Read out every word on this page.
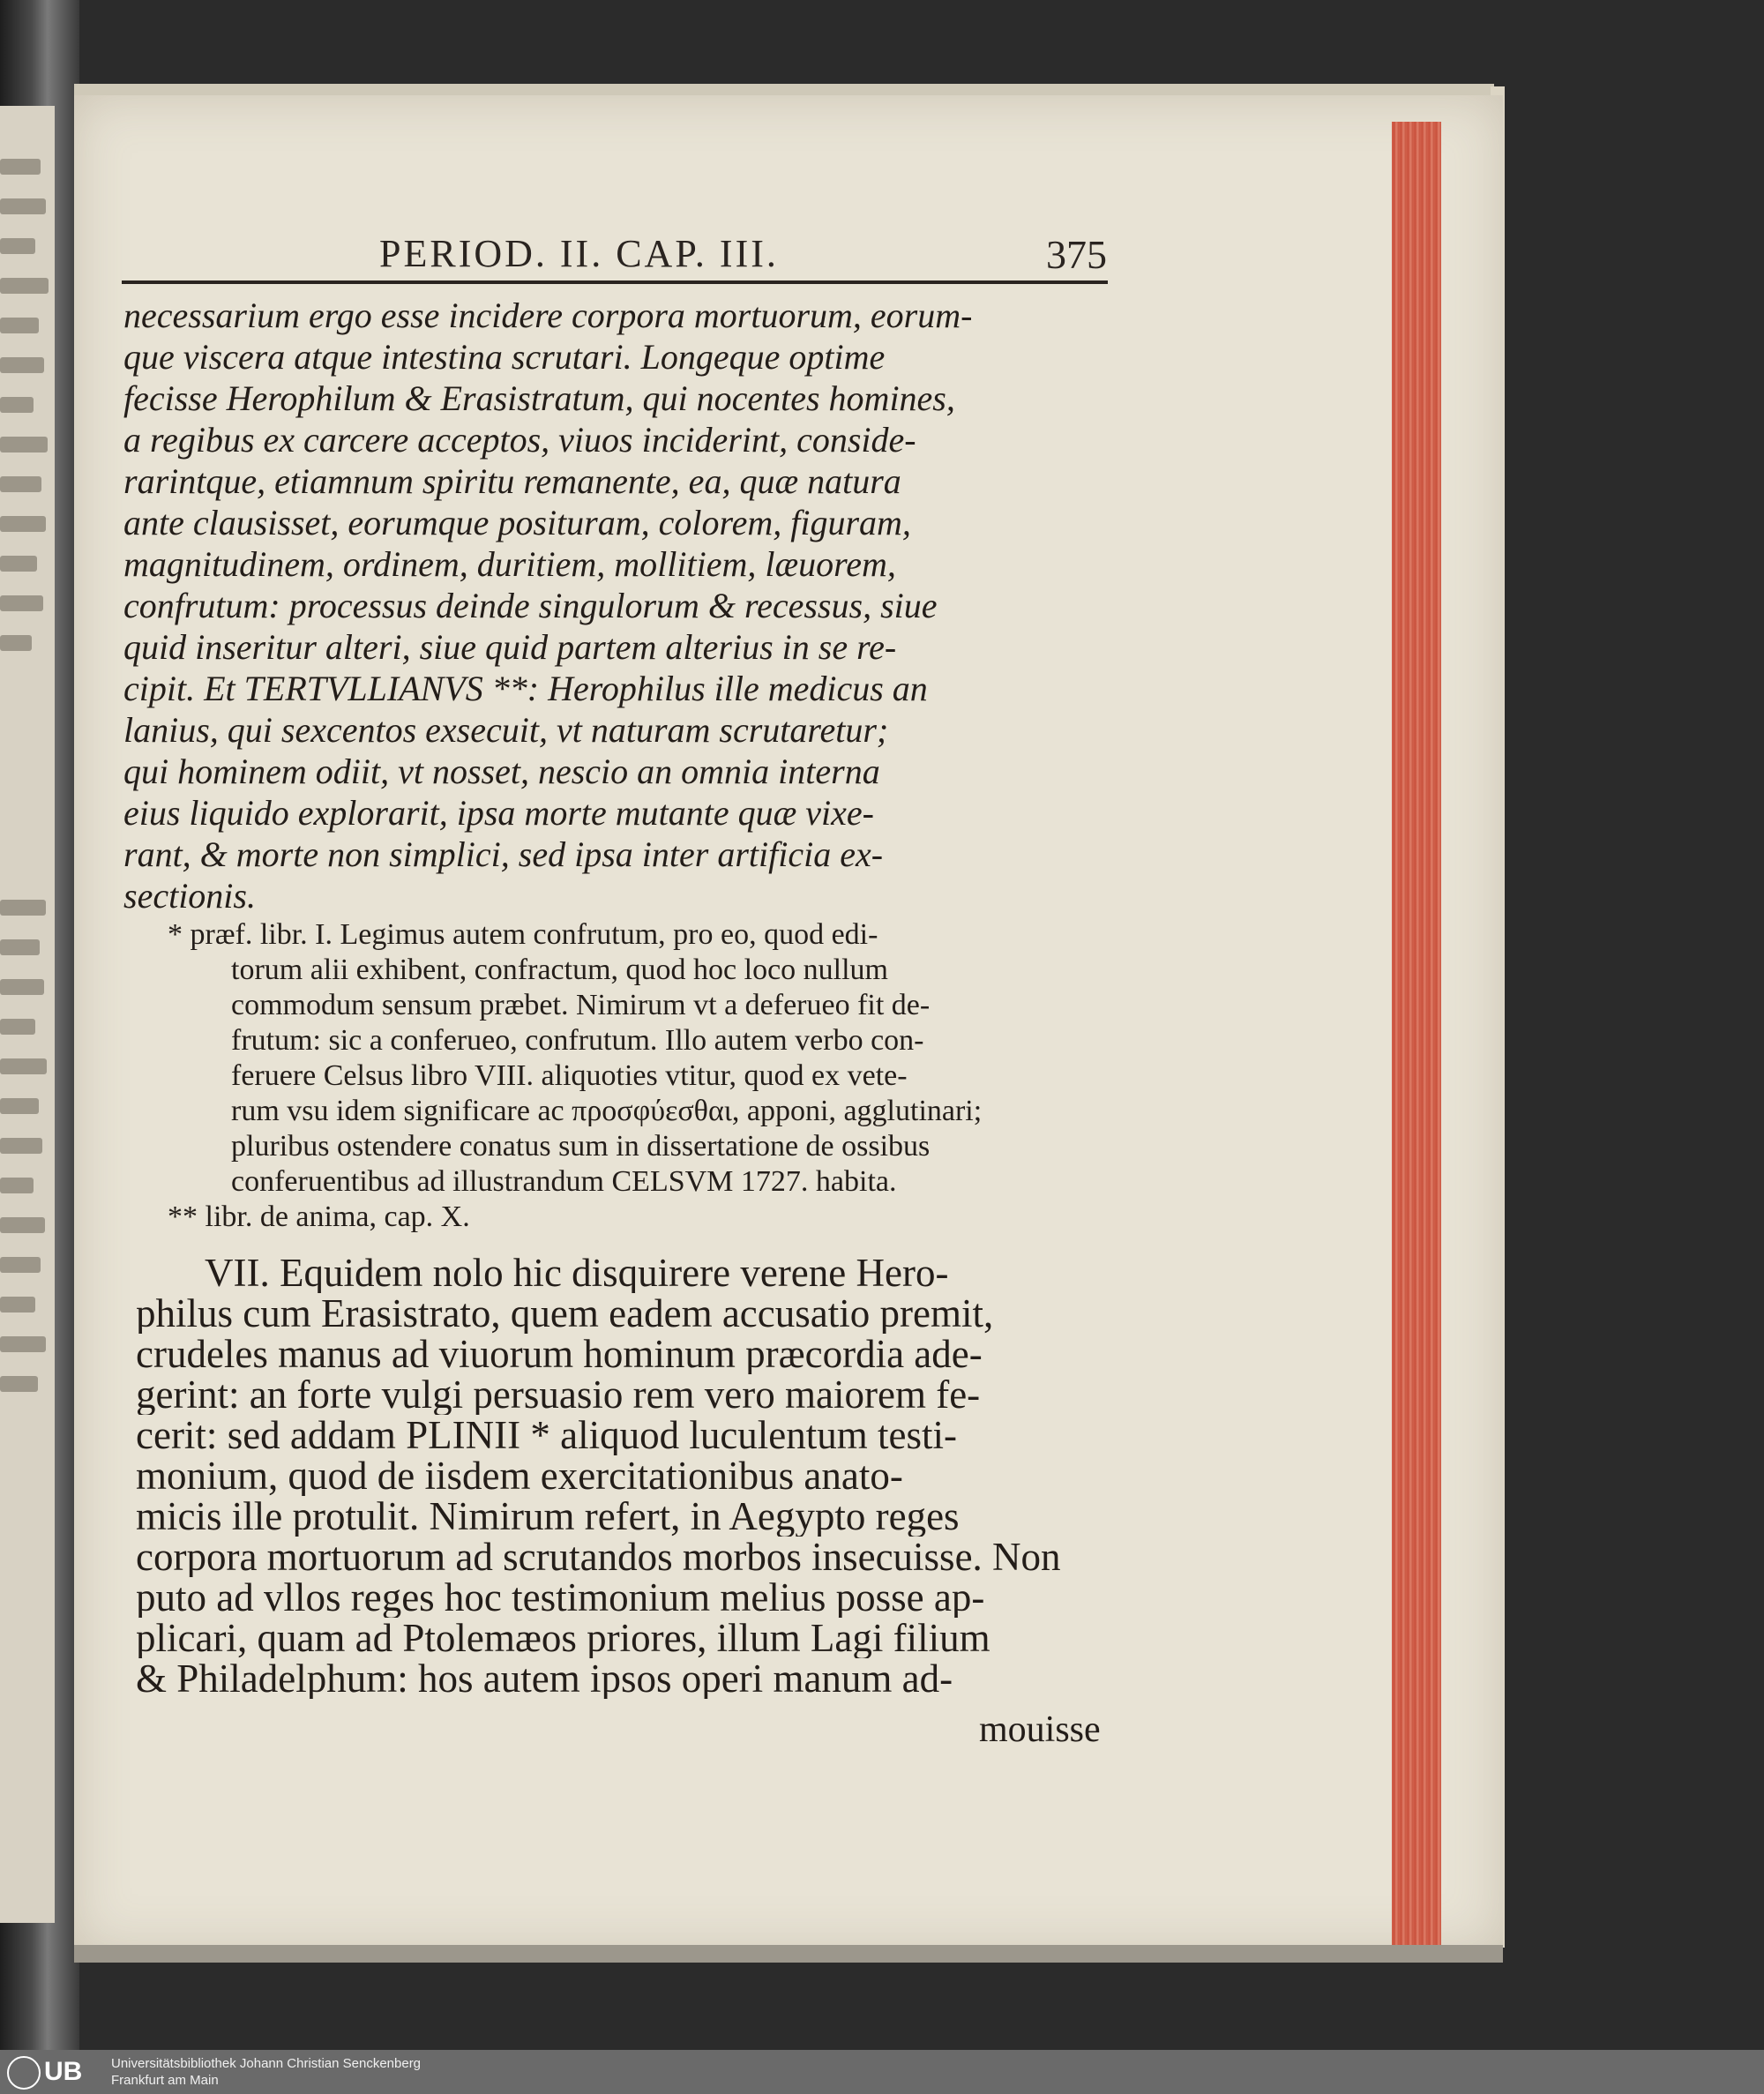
PERIOD. II. CAP. III.	375
necessarium ergo esse incidere corpora mortuorum, eorum-
que viscera atque intestina scrutari. Longeque optime
fecisse Herophilum & Erasistratum, qui nocentes homines,
a regibus ex carcere acceptos, viuos inciderint, conside-
rarintque, etiamnum spiritu remanente, ea, quæ natura
ante clausisset, eorumque posituram, colorem, figuram,
magnitudinem, ordinem, duritiem, mollitiem, læuorem,
confrutum: processus deinde singulorum & recessus, siue
quid inseritur alteri, siue quid partem alterius in se re-
cipit. Et TERTVLLIANVS **: Herophilus ille medicus an
lanius, qui sexcentos exsecuit, vt naturam scrutaretur;
qui hominem odiit, vt nosset, nescio an omnia interna
eius liquido explorarit, ipsa morte mutante quæ vixe-
rant, & morte non simplici, sed ipsa inter artificia ex-
sectionis.
* præf. libr. I. Legimus autem confrutum, pro eo, quod edi-
torum alii exhibent, confractum, quod hoc loco nullum
commodum sensum præbet. Nimirum vt a deferueo fit de-
frutum: sic a conferueo, confrutum. Illo autem verbo con-
feruere Celsus libro VIII. aliquoties vtitur, quod ex vete-
rum vsu idem significare ac προσφύεσθαι, apponi, agglutinari;
pluribus ostendere conatus sum in dissertatione de ossibus
conferuentibus ad illustrandum CELSVM 1727. habita.
** libr. de anima, cap. X.
VII. Equidem nolo hic disquirere verene Hero-
philus cum Erasistrato, quem eadem accusatio premit,
crudeles manus ad viuorum hominum præcordia ade-
gerint: an forte vulgi persuasio rem vero maiorem fe-
cerit: sed addam PLINII * aliquod luculentum testi-
monium, quod de iisdem exercitationibus anato-
micis ille protulit. Nimirum refert, in Aegypto reges
corpora mortuorum ad scrutandos morbos insecuisse. Non
puto ad vllos reges hoc testimonium melius posse ap-
plicari, quam ad Ptolemæos priores, illum Lagi filium
& Philadelphum: hos autem ipsos operi manum ad-
mouisse
UB	Universitätsbibliothek Johann Christian Senckenberg
Frankfurt am Main
